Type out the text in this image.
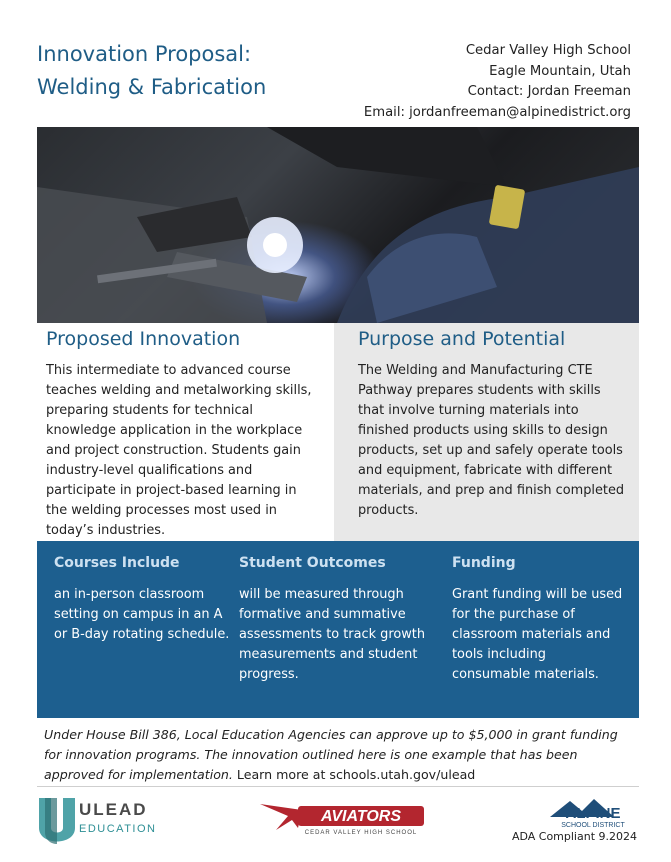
Innovation Proposal:
Welding & Fabrication
Cedar Valley High School
Eagle Mountain, Utah
Contact: Jordan Freeman
Email: jordanfreeman@alpinedistrict.org
Proposed Innovation
This intermediate to advanced course teaches welding and metalworking skills, preparing students for technical knowledge application in the workplace and project construction. Students gain industry-level qualifications and participate in project-based learning in the welding processes most used in today’s industries.
Purpose and Potential
The Welding and Manufacturing CTE Pathway prepares students with skills that involve turning materials into finished products using skills to design products, set up and safely operate tools and equipment, fabricate with different materials, and prep and finish completed products.
Courses Include

an in-person classroom setting on campus in an A or B-day rotating schedule.

Student Outcomes

will be measured through formative and summative assessments to track growth measurements and student progress.

Funding

Grant funding will be used for the purchase of classroom materials and tools including consumable materials.

Under House Bill 386, Local Education Agencies can approve up to $5,000 in grant funding for innovation programs. The innovation outlined here is one example that has been approved for implementation. Learn more at schools.utah.gov/ulead
ULEAD
EDUCATION
AVIATORS
CEDAR VALLEY HIGH SCHOOL
ALPINE
SCHOOL DISTRICT
ADA Compliant 9.2024
